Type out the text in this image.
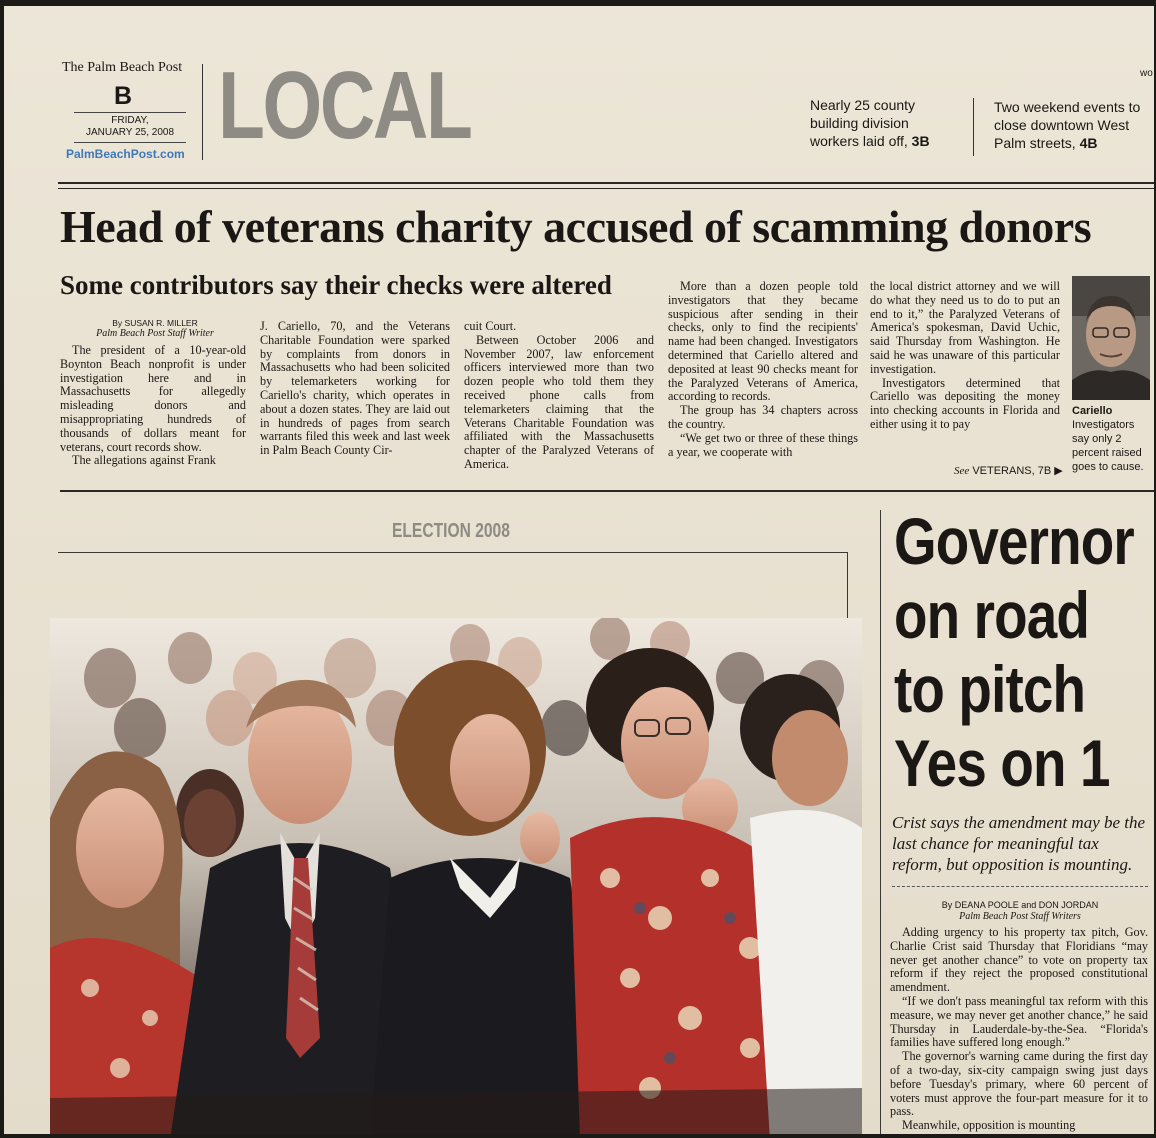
The Palm Beach Post
B
FRIDAY,
JANUARY 25, 2008
PalmBeachPost.com LOCAL	Nearly 25 county building division workers laid off, 3B
Two weekend events to close downtown West Palm streets, 4B
wo
Head of veterans charity accused of scamming donors
Some contributors say their checks were altered
By SUSAN R. MILLER
Palm Beach Post Staff Writer

The president of a 10-year-old Boynton Beach nonprofit is under investigation here and in Massachusetts for allegedly misleading donors and misappropriating hundreds of thousands of dollars meant for veterans, court records show.

The allegations against Frank

J. Cariello, 70, and the Veterans Charitable Foundation were sparked by complaints from donors in Massachusetts who had been solicited by telemarketers working for Cariello's charity, which operates in about a dozen states. They are laid out in hundreds of pages from search warrants filed this week and last week in Palm Beach County Cir-

cuit Court.

Between October 2006 and November 2007, law enforcement officers interviewed more than two dozen people who told them they received phone calls from telemarketers claiming that the Veterans Charitable Foundation was affiliated with the Massachusetts chapter of the Paralyzed Veterans of America.

More than a dozen people told investigators that they became suspicious after sending in their checks, only to find the recipients' name had been changed. Investigators determined that Cariello altered and deposited at least 90 checks meant for the Paralyzed Veterans of America, according to records.

The group has 34 chapters across the country.

“We get two or three of these things a year, we cooperate with

the local district attorney and we will do what they need us to do to put an end to it,” the Paralyzed Veterans of America's spokesman, David Uchic, said Thursday from Washington. He said he was unaware of this particular investigation.

Investigators determined that Cariello was depositing the money into checking accounts in Florida and either using it to pay

See VETERANS, 7B ▶
Cariello
Investigators say only 2 percent raised goes to cause.
ELECTION 2008	Governor
on road
to pitch
Yes on 1
Crist says the amendment may be the last chance for meaningful tax reform, but opposition is mounting.
By DEANA POOLE and DON JORDAN
Palm Beach Post Staff Writers

Adding urgency to his property tax pitch, Gov. Charlie Crist said Thursday that Floridians “may never get another chance” to vote on property tax reform if they reject the proposed constitutional amendment.

“If we don't pass meaningful tax reform with this measure, we may never get another chance,” he said Thursday in Lauderdale-by-the-Sea. “Florida's families have suffered long enough.”

The governor's warning came during the first day of a two-day, six-city campaign swing just days before Tuesday's primary, where 60 percent of voters must approve the four-part measure for it to pass.

Meanwhile, opposition is mounting
